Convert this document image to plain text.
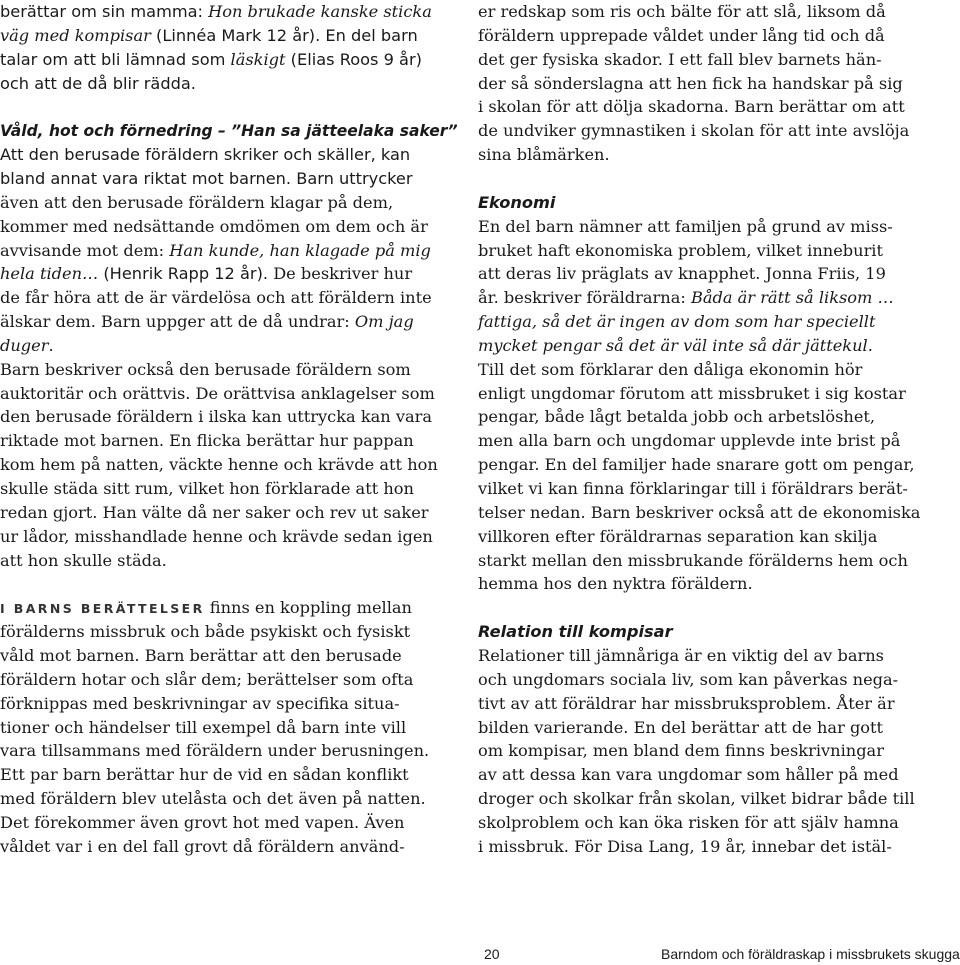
berättar om sin mamma: Hon brukade kanske sticka
väg med kompisar (Linnéa Mark 12 år). En del barn
talar om att bli lämnad som läskigt (Elias Roos 9 år)
och att de då blir rädda.
Våld, hot och förnedring – ”Han sa jätteelaka saker”
Att den berusade föräldern skriker och skäller, kan
bland annat vara riktat mot barnen. Barn uttrycker
även att den berusade föräldern klagar på dem,
kommer med nedsättande omdömen om dem och är
avvisande mot dem: Han kunde, han klagade på mig
hela tiden… (Henrik Rapp 12 år). De beskriver hur
de får höra att de är värdelösa och att föräldern inte
älskar dem. Barn uppger att de då undrar: Om jag
duger.
Barn beskriver också den berusade föräldern som
auktoritär och orättvis. De orättvisa anklagelser som
den berusade föräldern i ilska kan uttrycka kan vara
riktade mot barnen. En flicka berättar hur pappan
kom hem på natten, väckte henne och krävde att hon
skulle städa sitt rum, vilket hon förklarade att hon
redan gjort. Han välte då ner saker och rev ut saker
ur lådor, misshandlade henne och krävde sedan igen
att hon skulle städa.
I BARNS BERÄTTELSER finns en koppling mellan
förälderns missbruk och både psykiskt och fysiskt
våld mot barnen. Barn berättar att den berusade
föräldern hotar och slår dem; berättelser som ofta
förknippas med beskrivningar av specifika situa-
tioner och händelser till exempel då barn inte vill
vara tillsammans med föräldern under berusningen.
Ett par barn berättar hur de vid en sådan konflikt
med föräldern blev utelåsta och det även på natten.
Det förekommer även grovt hot med vapen. Även
våldet var i en del fall grovt då föräldern använd-
er redskap som ris och bälte för att slå, liksom då
föräldern upprepade våldet under lång tid och då
det ger fysiska skador. I ett fall blev barnets hän-
der så sönderslagna att hen fick ha handskar på sig
i skolan för att dölja skadorna. Barn berättar om att
de undviker gymnastiken i skolan för att inte avslöja
sina blåmärken.
Ekonomi
En del barn nämner att familjen på grund av miss-
bruket haft ekonomiska problem, vilket inneburit
att deras liv präglats av knapphet. Jonna Friis, 19
år. beskriver föräldrarna: Båda är rätt så liksom …
fattiga, så det är ingen av dom som har speciellt
mycket pengar så det är väl inte så där jättekul.
Till det som förklarar den dåliga ekonomin hör
enligt ungdomar förutom att missbruket i sig kostar
pengar, både lågt betalda jobb och arbetslöshet,
men alla barn och ungdomar upplevde inte brist på
pengar. En del familjer hade snarare gott om pengar,
vilket vi kan finna förklaringar till i föräldrars berät-
telser nedan. Barn beskriver också att de ekonomiska
villkoren efter föräldrarnas separation kan skilja
starkt mellan den missbrukande förälderns hem och
hemma hos den nyktra föräldern.
Relation till kompisar
Relationer till jämnåriga är en viktig del av barns
och ungdomars sociala liv, som kan påverkas nega-
tivt av att föräldrar har missbruksproblem. Åter är
bilden varierande. En del berättar att de har gott
om kompisar, men bland dem finns beskrivningar
av att dessa kan vara ungdomar som håller på med
droger och skolkar från skolan, vilket bidrar både till
skolproblem och kan öka risken för att själv hamna
i missbruk. För Disa Lang, 19 år, innebar det istäl-
20	Barndom och föräldraskap i missbrukets skugga
